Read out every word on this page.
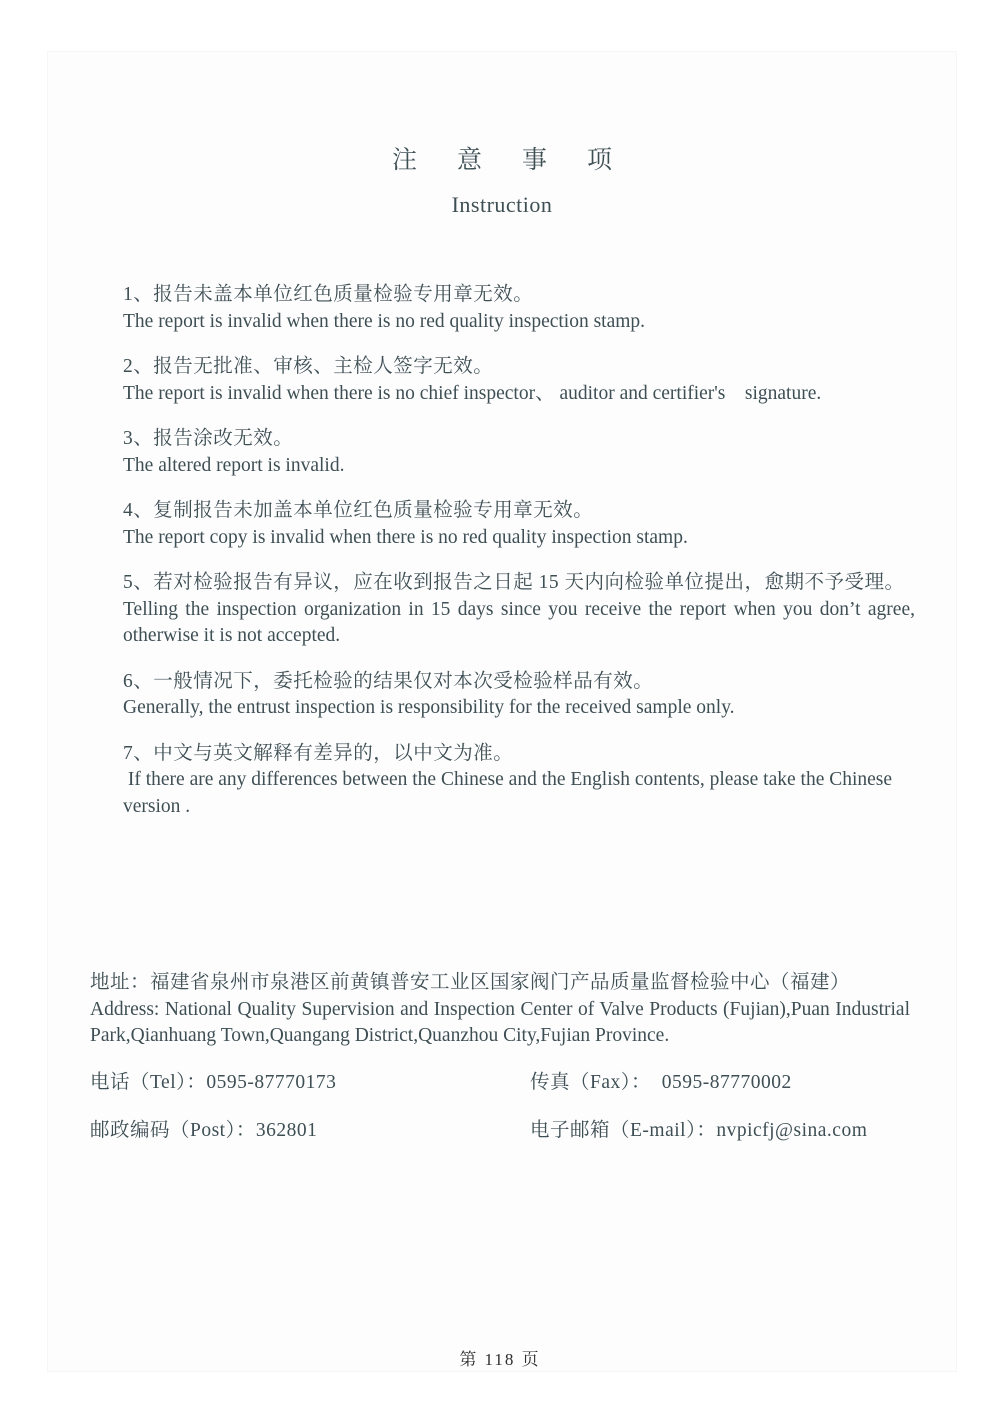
注意事项
Instruction
1、报告未盖本单位红色质量检验专用章无效。
The report is invalid when there is no red quality inspection stamp.
2、报告无批准、审核、主检人签字无效。
The report is invalid when there is no chief inspector、 auditor and certifier's    signature.
3、报告涂改无效。
The altered report is invalid.
4、复制报告未加盖本单位红色质量检验专用章无效。
The report copy is invalid when there is no red quality inspection stamp.
5、若对检验报告有异议，应在收到报告之日起 15 天内向检验单位提出，愈期不予受理。
Telling the inspection organization in 15 days since you receive the report when you don’t agree, otherwise it is not accepted.
6、一般情况下，委托检验的结果仅对本次受检验样品有效。
Generally, the entrust inspection is responsibility for the received sample only.
7、中文与英文解释有差异的，以中文为准。
If there are any differences between the Chinese and the English contents, please take the Chinese version .
地址：福建省泉州市泉港区前黄镇普安工业区国家阀门产品质量监督检验中心（福建）
Address: National Quality Supervision and Inspection Center of Valve Products (Fujian),Puan Industrial Park,Qianhuang Town,Quangang District,Quanzhou City,Fujian Province.
电话（Tel）：0595-87770173	传真（Fax）：  0595-87770002
邮政编码（Post）：362801	电子邮箱（E-mail）：nvpicfj@sina.com
第 118 页
